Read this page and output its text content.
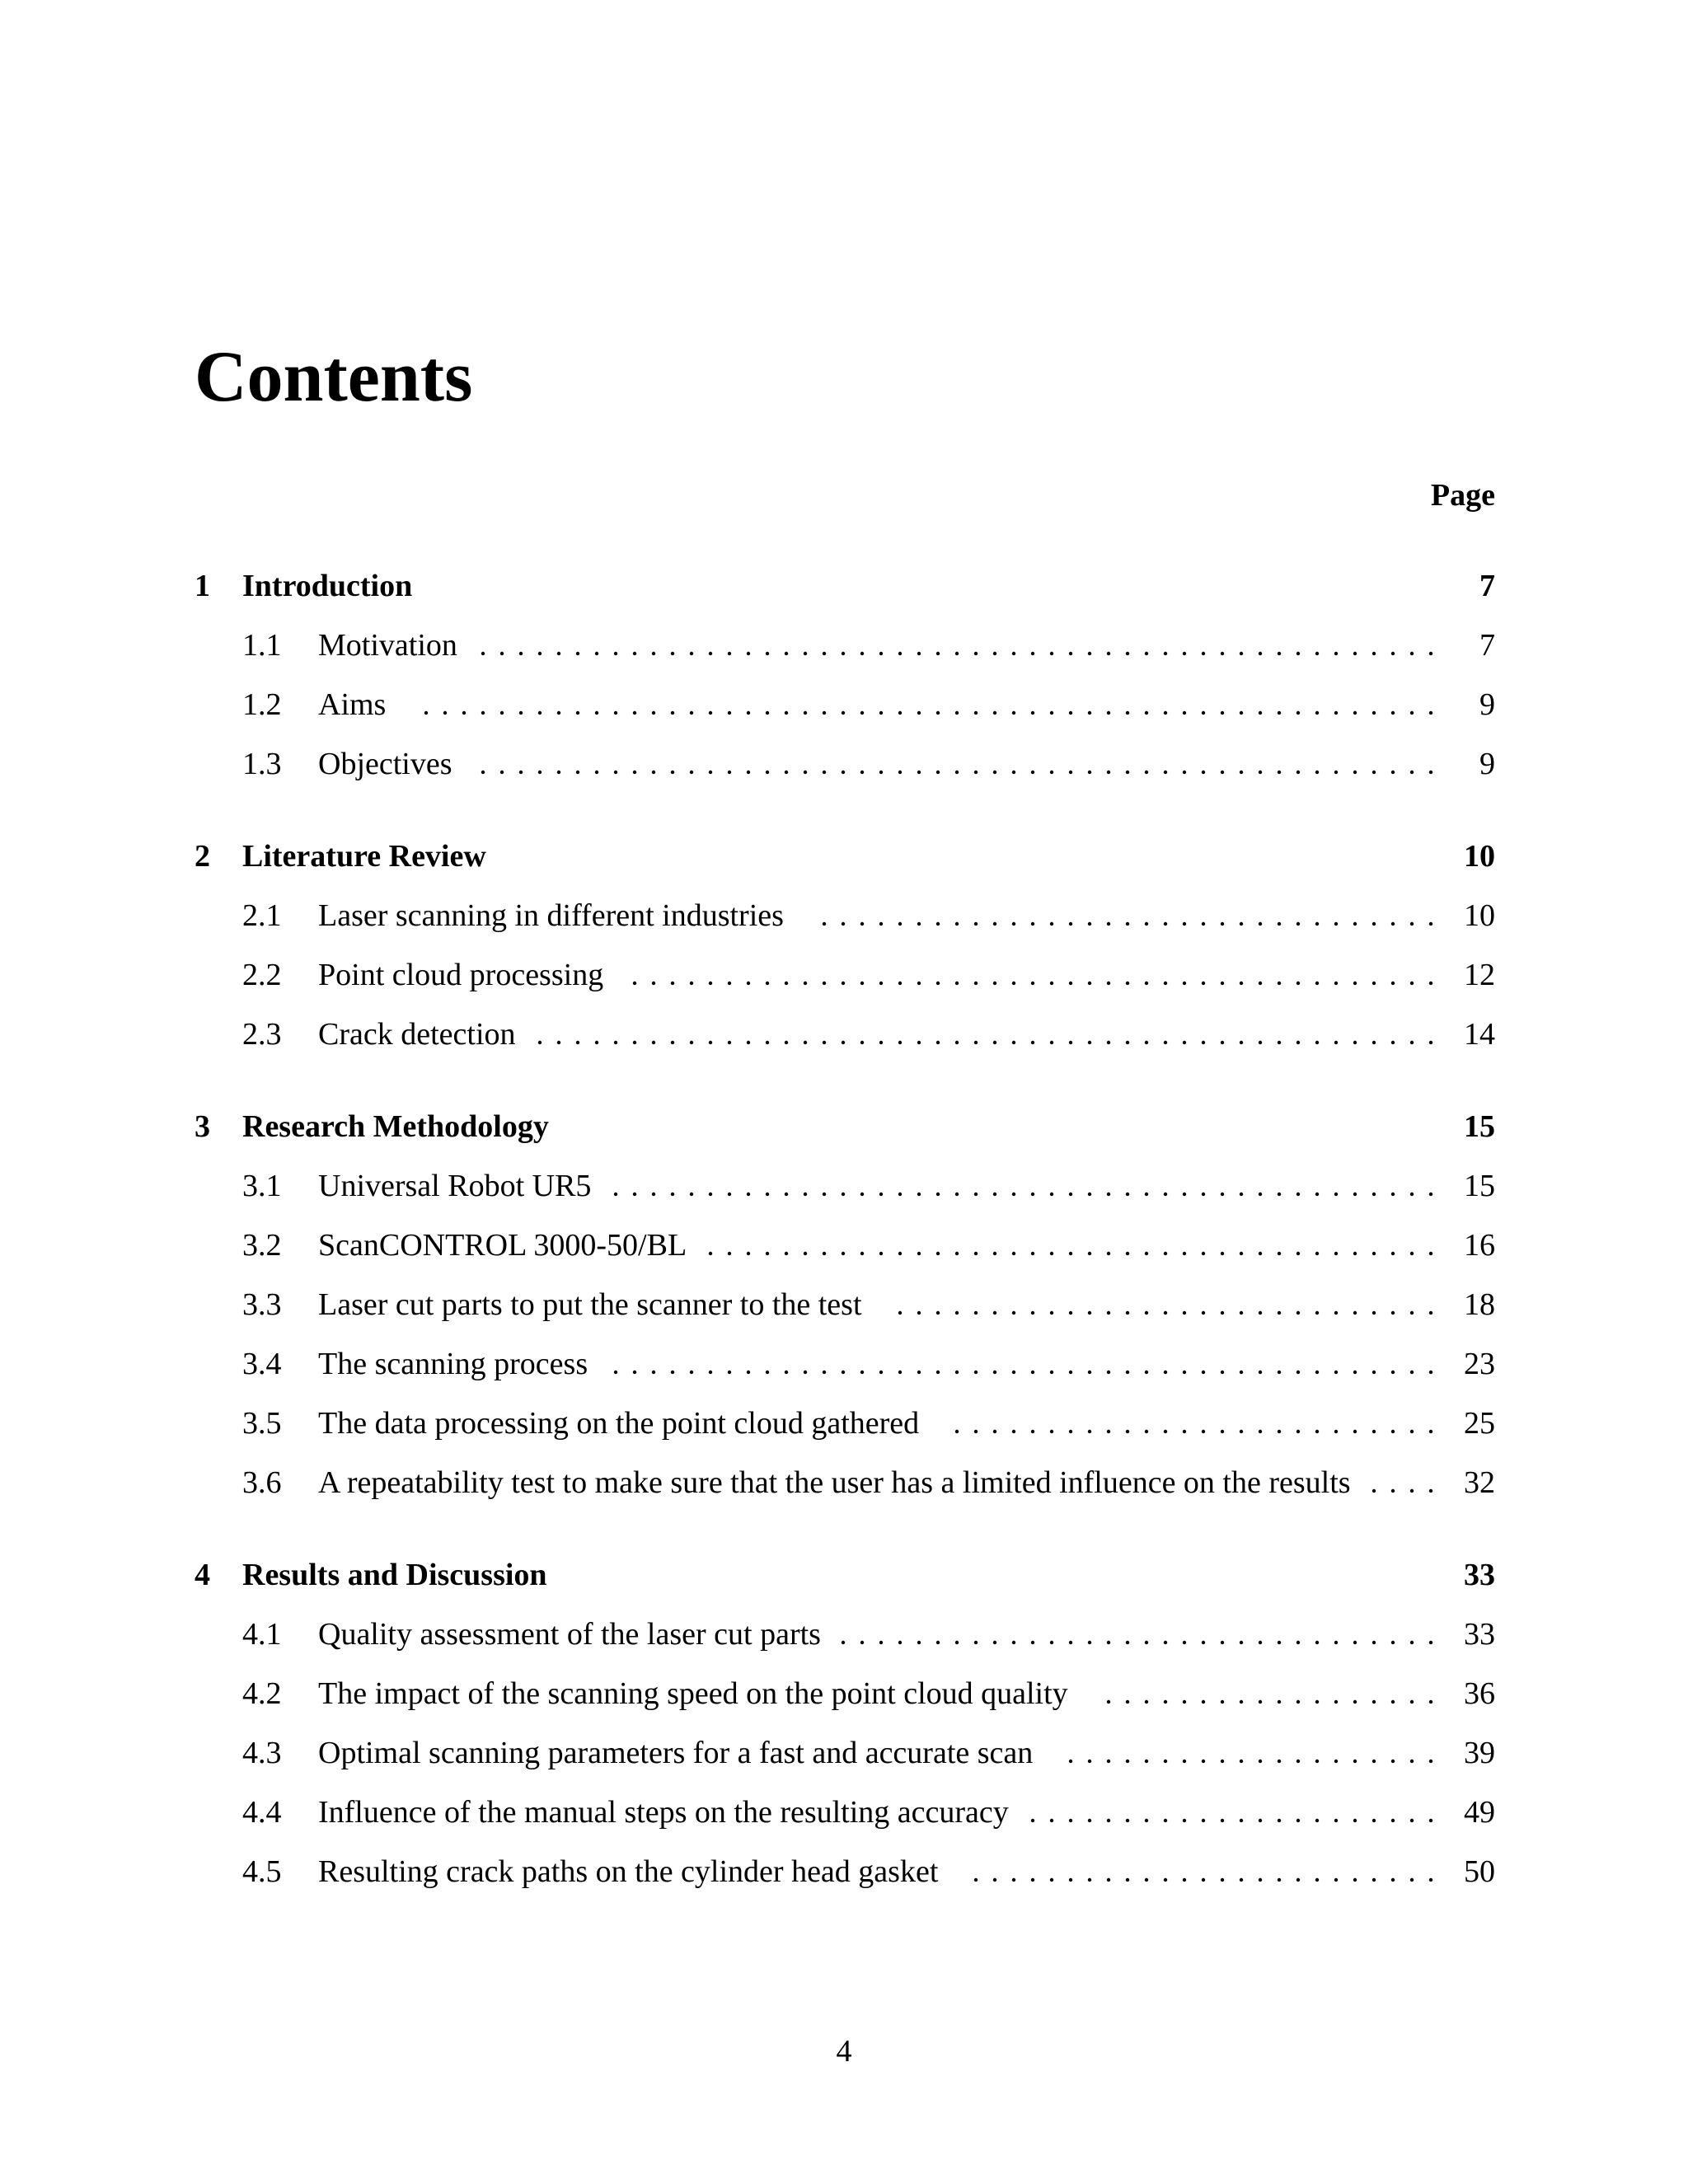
Contents
Page
1 Introduction	7
1.1 Motivation	7
1.2 Aims	9
1.3 Objectives	9
2 Literature Review	10
2.1 Laser scanning in different industries	10
2.2 Point cloud processing	12
2.3 Crack detection	14
3 Research Methodology	15
3.1 Universal Robot UR5	15
3.2 ScanCONTROL 3000-50/BL	16
3.3 Laser cut parts to put the scanner to the test	18
3.4 The scanning process	23
3.5 The data processing on the point cloud gathered	25
3.6 A repeatability test to make sure that the user has a limited influence on the results	32
4 Results and Discussion	33
4.1 Quality assessment of the laser cut parts	33
4.2 The impact of the scanning speed on the point cloud quality	36
4.3 Optimal scanning parameters for a fast and accurate scan	39
4.4 Influence of the manual steps on the resulting accuracy	49
4.5 Resulting crack paths on the cylinder head gasket	50
4
